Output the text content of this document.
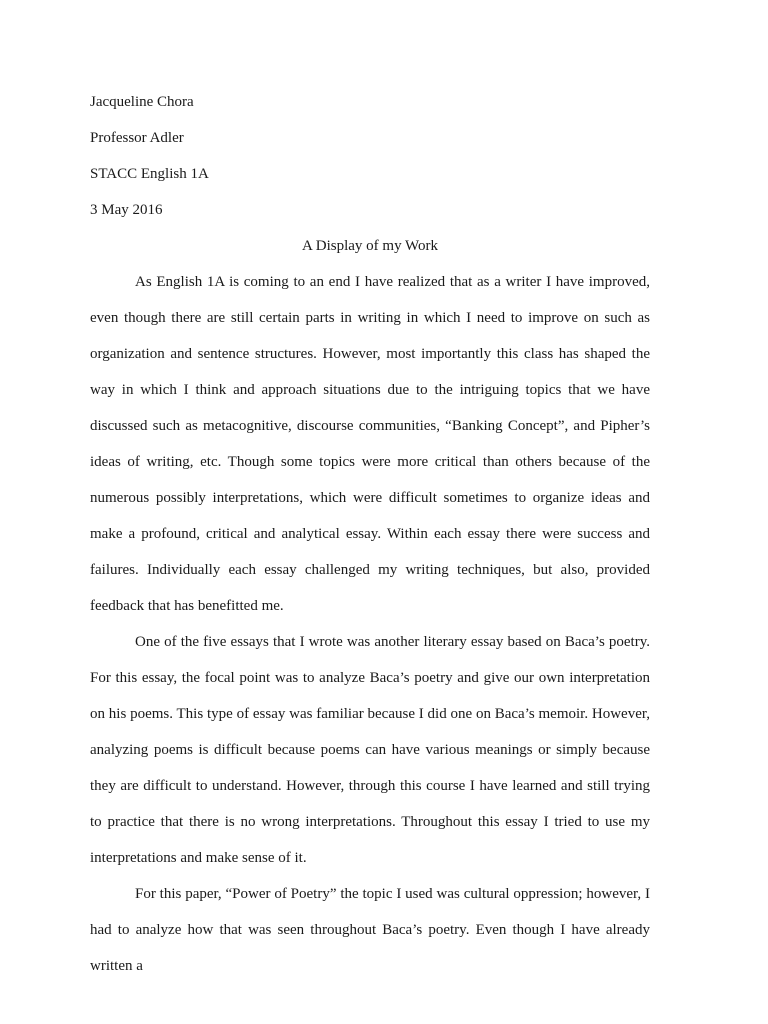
Jacqueline Chora

Professor Adler

STACC English 1A

3 May 2016

A Display of my Work

As English 1A is coming to an end I have realized that as a writer I have improved, even though there are still certain parts in writing in which I need to improve on such as organization and sentence structures. However, most importantly this class has shaped the way in which I think and approach situations due to the intriguing topics that we have discussed such as metacognitive, discourse communities, “Banking Concept”, and Pipher’s ideas of writing, etc. Though some topics were more critical than others because of the numerous possibly interpretations, which were difficult sometimes to organize ideas and make a profound, critical and analytical essay. Within each essay there were success and failures. Individually each essay challenged my writing techniques, but also, provided feedback that has benefitted me.

One of the five essays that I wrote was another literary essay based on Baca’s poetry. For this essay, the focal point was to analyze Baca’s poetry and give our own interpretation on his poems. This type of essay was familiar because I did one on Baca’s memoir. However, analyzing poems is difficult because poems can have various meanings or simply because they are difficult to understand. However, through this course I have learned and still trying to practice that there is no wrong interpretations. Throughout this essay I tried to use my interpretations and make sense of it.

For this paper, “Power of Poetry” the topic I used was cultural oppression; however, I had to analyze how that was seen throughout Baca’s poetry. Even though I have already written a
